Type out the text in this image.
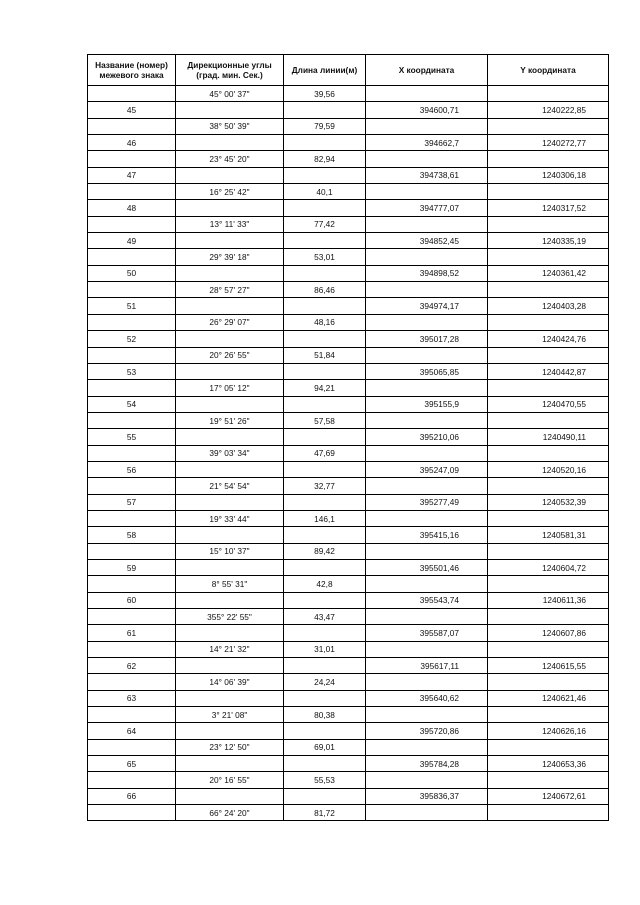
Название (номер) межевого знака	Дирекционные углы (град. мин. Сек.)	Длина линии(м)	X координата	Y координата
	45° 00' 37"	39,56		
45			394600,71	1240222,85
	38° 50' 39"	79,59		
46			394662,7	1240272,77
	23° 45' 20"	82,94		
47			394738,61	1240306,18
	16° 25' 42"	40,1		
48			394777,07	1240317,52
	13° 11' 33"	77,42		
49			394852,45	1240335,19
	29° 39' 18"	53,01		
50			394898,52	1240361,42
	28° 57' 27"	86,46		
51			394974,17	1240403,28
	26° 29' 07"	48,16		
52			395017,28	1240424,76
	20° 26' 55"	51,84		
53			395065,85	1240442,87
	17° 05' 12"	94,21		
54			395155,9	1240470,55
	19° 51' 26"	57,58		
55			395210,06	1240490,11
	39° 03' 34"	47,69		
56			395247,09	1240520,16
	21° 54' 54"	32,77		
57			395277,49	1240532,39
	19° 33' 44"	146,1		
58			395415,16	1240581,31
	15° 10' 37"	89,42		
59			395501,46	1240604,72
	8° 55' 31"	42,8		
60			395543,74	1240611,36
	355° 22' 55"	43,47		
61			395587,07	1240607,86
	14° 21' 32"	31,01		
62			395617,11	1240615,55
	14° 06' 39"	24,24		
63			395640,62	1240621,46
	3° 21' 08"	80,38		
64			395720,86	1240626,16
	23° 12' 50"	69,01		
65			395784,28	1240653,36
	20° 16' 55"	55,53		
66			395836,37	1240672,61
	66° 24' 20"	81,72		
